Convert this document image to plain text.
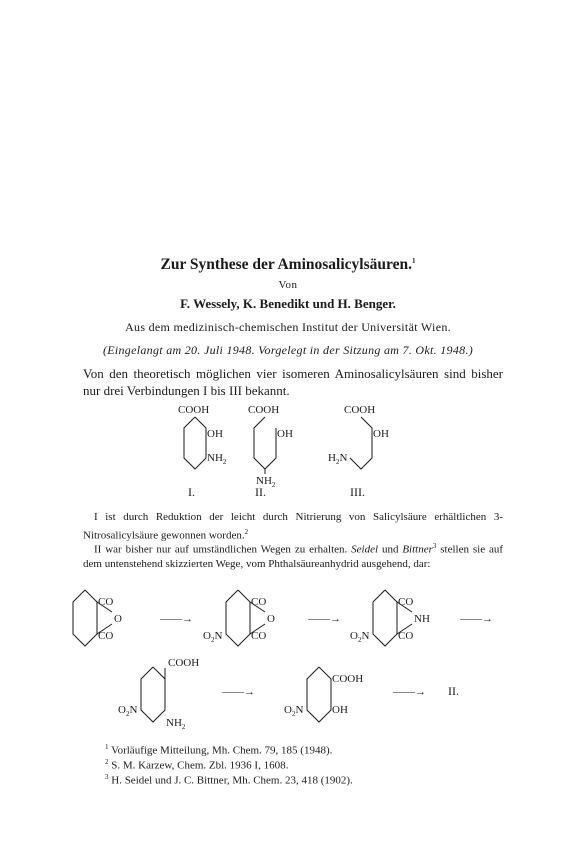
Zur Synthese der Aminosalicylsäuren.$^1$
Von
F. Wessely, K. Benedikt und H. Benger.
Aus dem medizinisch-chemischen Institut der Universität Wien.
(Eingelangt am 20. Juli 1948. Vorgelegt in der Sitzung am 7. Okt. 1948.)
Von den theoretisch möglichen vier isomeren Aminosalicylsäuren sind bisher nur drei Verbindungen I bis III bekannt.
COOH
OH
$NH_2$
I.
COOH
OH
$NH_2$
II.
COOH
OH
$H_2N$
III.
CO
O
CO
——→
CO
O
CO
$O_2N$
——→
CO
NH
CO
$O_2N$
——→
COOH
$O_2N$
$NH_2$
——→
COOH
OH
$O_2N$
——→ II.
 I ist durch Reduktion der leicht durch Nitrierung von Salicylsäure erhältlichen 3-Nitrosalicylsäure gewonnen worden.$^2$
 II war bisher nur auf umständlichen Wegen zu erhalten. Seidel und Bittner$^3$ stellen sie auf dem untenstehend skizzierten Wege, vom Phthalsäureanhydrid ausgehend, dar:
$^1$ Vorläufige Mitteilung, Mh. Chem. 79, 185 (1948).
$^2$ S. M. Karzew, Chem. Zbl. 1936 I, 1608.
$^3$ H. Seidel und J. C. Bittner, Mh. Chem. 23, 418 (1902).
